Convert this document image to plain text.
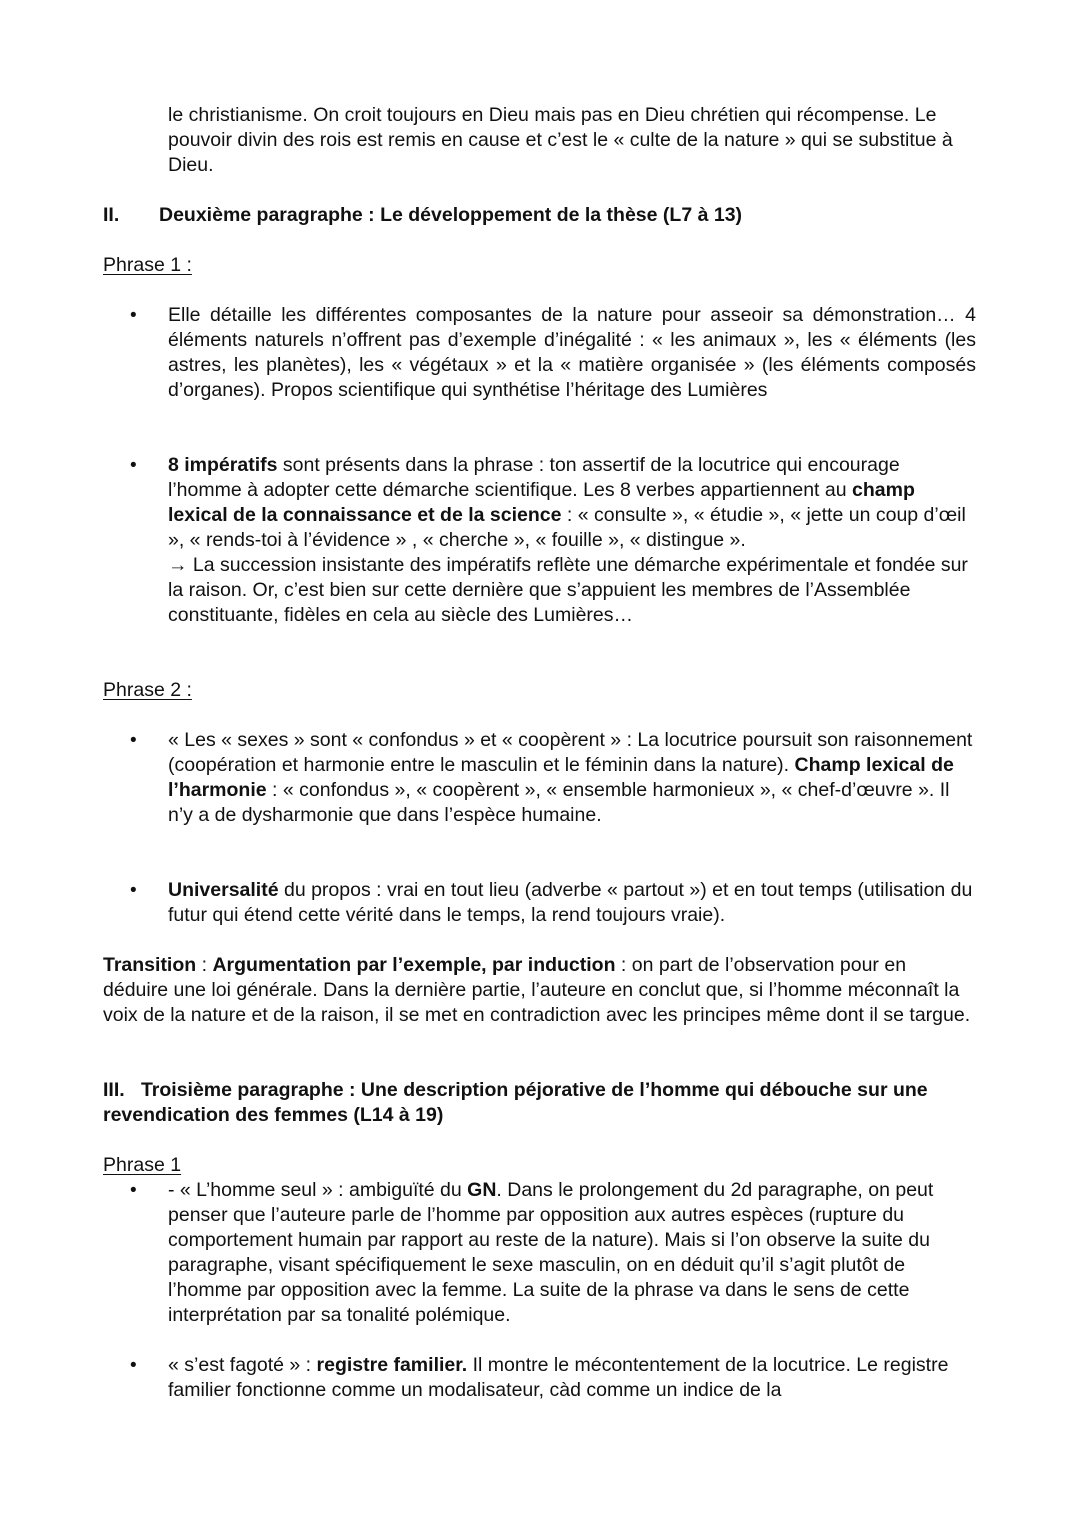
le christianisme. On croit toujours en Dieu mais pas en Dieu chrétien qui récompense. Le pouvoir divin des rois est remis en cause et c’est le « culte de la nature » qui se substitue à Dieu.

II. Deuxième paragraphe : Le développement de la thèse (L7 à 13)
Phrase 1 :
•	Elle détaille les différentes composantes de la nature pour asseoir sa démonstration… 4 éléments naturels n’offrent pas d’exemple d’inégalité : « les animaux », les « éléments (les astres, les planètes), les « végétaux » et la « matière organisée » (les éléments composés d’organes). Propos scientifique qui synthétise l’héritage des Lumières

•	8 impératifs sont présents dans la phrase : ton assertif de la locutrice qui encourage l’homme à adopter cette démarche scientifique. Les 8 verbes appartiennent au champ lexical de la connaissance et de la science : « consulte », « étudie », « jette un coup d’œil », « rends-toi à l’évidence » , « cherche », « fouille », « distingue ».
→ La succession insistante des impératifs reflète une démarche expérimentale et fondée sur la raison. Or, c’est bien sur cette dernière que s’appuient les membres de l’Assemblée constituante, fidèles en cela au siècle des Lumières…
Phrase 2 :
•	« Les « sexes » sont « confondus » et « coopèrent » : La locutrice poursuit son raisonnement (coopération et harmonie entre le masculin et le féminin dans la nature). Champ lexical de l’harmonie : « confondus », « coopèrent », « ensemble harmonieux », « chef-d’œuvre ». Il n’y a de dysharmonie que dans l’espèce humaine.
•	Universalité du propos : vrai en tout lieu (adverbe « partout ») et en tout temps (utilisation du futur qui étend cette vérité dans le temps, la rend toujours vraie).
Transition : Argumentation par l’exemple, par induction : on part de l’observation pour en déduire une loi générale. Dans la dernière partie, l’auteure en conclut que, si l’homme méconnaît la voix de la nature et de la raison, il se met en contradiction avec les principes même dont il se targue.
III. Troisième paragraphe : Une description péjorative de l’homme qui débouche sur une revendication des femmes (L14 à 19)
Phrase 1
•	- « L’homme seul » : ambiguïté du GN. Dans le prolongement du 2d paragraphe, on peut penser que l’auteure parle de l’homme par opposition aux autres espèces (rupture du comportement humain par rapport au reste de la nature). Mais si l’on observe la suite du paragraphe, visant spécifiquement le sexe masculin, on en déduit qu’il s’agit plutôt de l’homme par opposition avec la femme. La suite de la phrase va dans le sens de cette interprétation par sa tonalité polémique.
•	« s’est fagoté » : registre familier. Il montre le mécontentement de la locutrice. Le registre familier fonctionne comme un modalisateur, càd comme un indice de la
